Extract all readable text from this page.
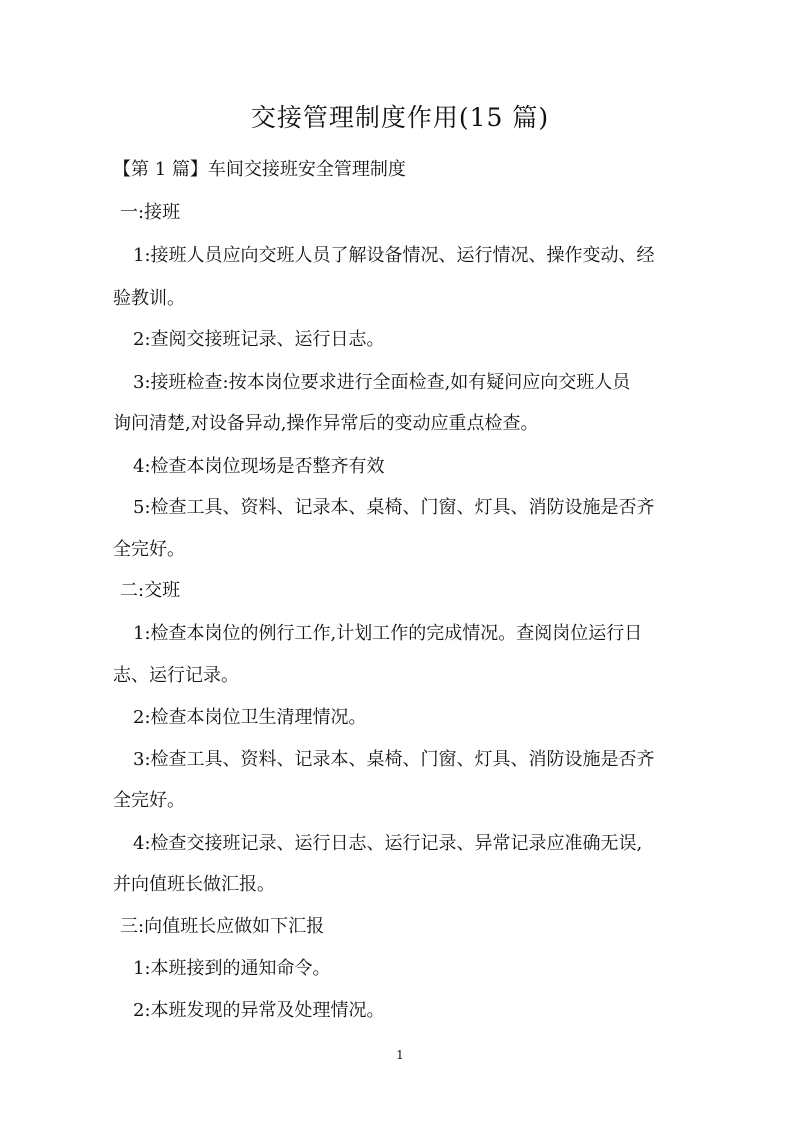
交接管理制度作用(15 篇)
【第 1 篇】车间交接班安全管理制度
一:接班
1:接班人员应向交班人员了解设备情况、运行情况、操作变动、经
验教训。
2:查阅交接班记录、运行日志。
3:接班检查:按本岗位要求进行全面检查,如有疑问应向交班人员
询问清楚,对设备异动,操作异常后的变动应重点检查。
4:检查本岗位现场是否整齐有效
5:检查工具、资料、记录本、桌椅、门窗、灯具、消防设施是否齐
全完好。
二:交班
1:检查本岗位的例行工作,计划工作的完成情况。查阅岗位运行日
志、运行记录。
2:检查本岗位卫生清理情况。
3:检查工具、资料、记录本、桌椅、门窗、灯具、消防设施是否齐
全完好。
4:检查交接班记录、运行日志、运行记录、异常记录应准确无误,
并向值班长做汇报。
三:向值班长应做如下汇报
1:本班接到的通知命令。
2:本班发现的异常及处理情况。
1
